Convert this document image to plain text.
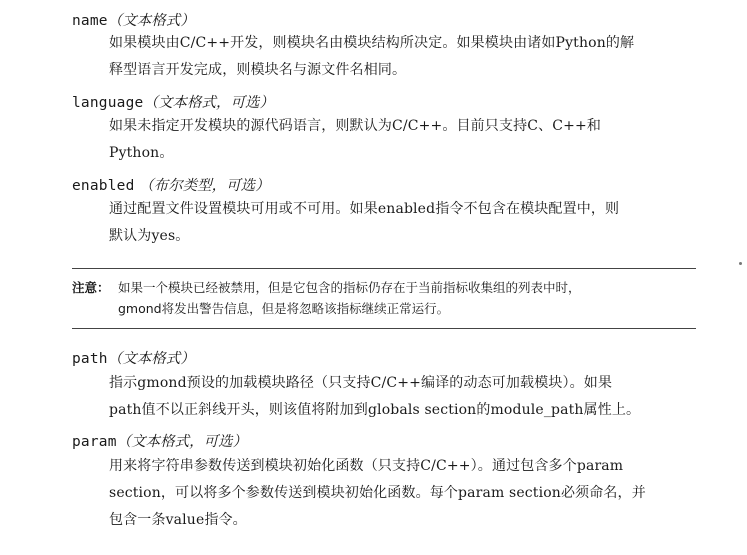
name（文本格式）
如果模块由C/C++开发，则模块名由模块结构所决定。如果模块由诸如Python的解
释型语言开发完成，则模块名与源文件名相同。
language（文本格式，可选）
如果未指定开发模块的源代码语言，则默认为C/C++。目前只支持C、C++和
Python。
enabled （布尔类型，可选）
通过配置文件设置模块可用或不可用。如果enabled指令不包含在模块配置中，则
默认为yes。
注意： 如果一个模块已经被禁用，但是它包含的指标仍存在于当前指标收集组的列表中时，
gmond将发出警告信息，但是将忽略该指标继续正常运行。
path（文本格式）
指示gmond预设的加载模块路径（只支持C/C++编译的动态可加载模块）。如果
path值不以正斜线开头，则该值将附加到globals section的module_path属性上。
param（文本格式，可选）
用来将字符串参数传送到模块初始化函数（只支持C/C++）。通过包含多个param
section，可以将多个参数传送到模块初始化函数。每个param section必须命名，并
包含一条value指令。
